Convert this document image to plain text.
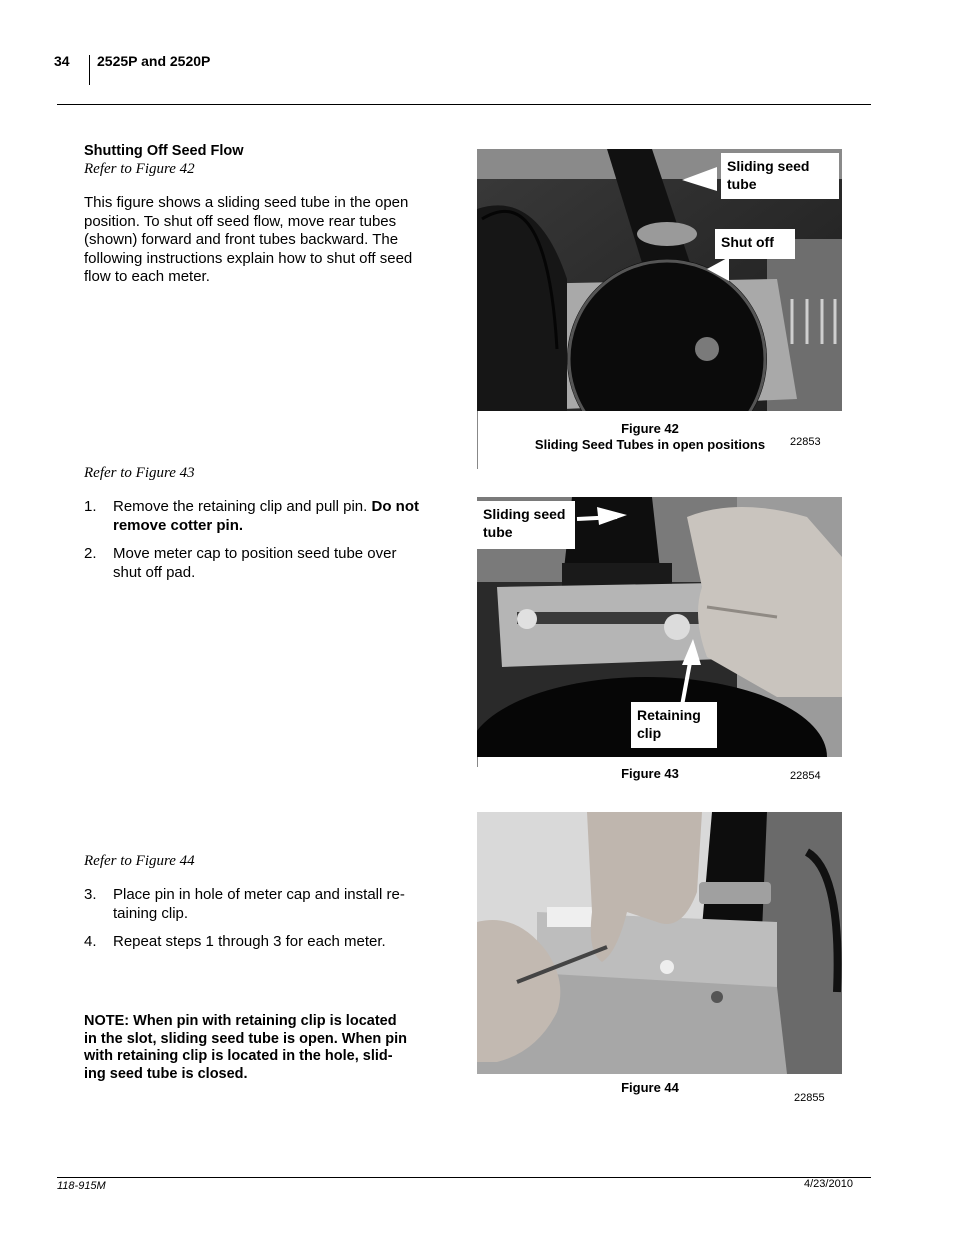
34 2525P and 2520P
Shutting Off Seed Flow
Refer to Figure 42
This figure shows a sliding seed tube in the open
position. To shut off seed flow, move rear tubes
(shown) forward and front tubes backward. The
following instructions explain how to shut off seed
flow to each meter.
Refer to Figure 43
1. Remove the retaining clip and pull pin. Do not
remove cotter pin.
2. Move meter cap to position seed tube over
shut off pad.
Refer to Figure 44
3. Place pin in hole of meter cap and install re-
taining clip.
4. Repeat steps 1 through 3 for each meter.
NOTE: When pin with retaining clip is located
in the slot, sliding seed tube is open. When pin
with retaining clip is located in the hole, slid-
ing seed tube is closed.
Sliding seed
tube
Shut off
Figure 42
Sliding Seed Tubes in open positions	22853
Sliding seed
tube
Retaining
clip
Figure 43	22854
Figure 44
22855
118-915M	4/23/2010
